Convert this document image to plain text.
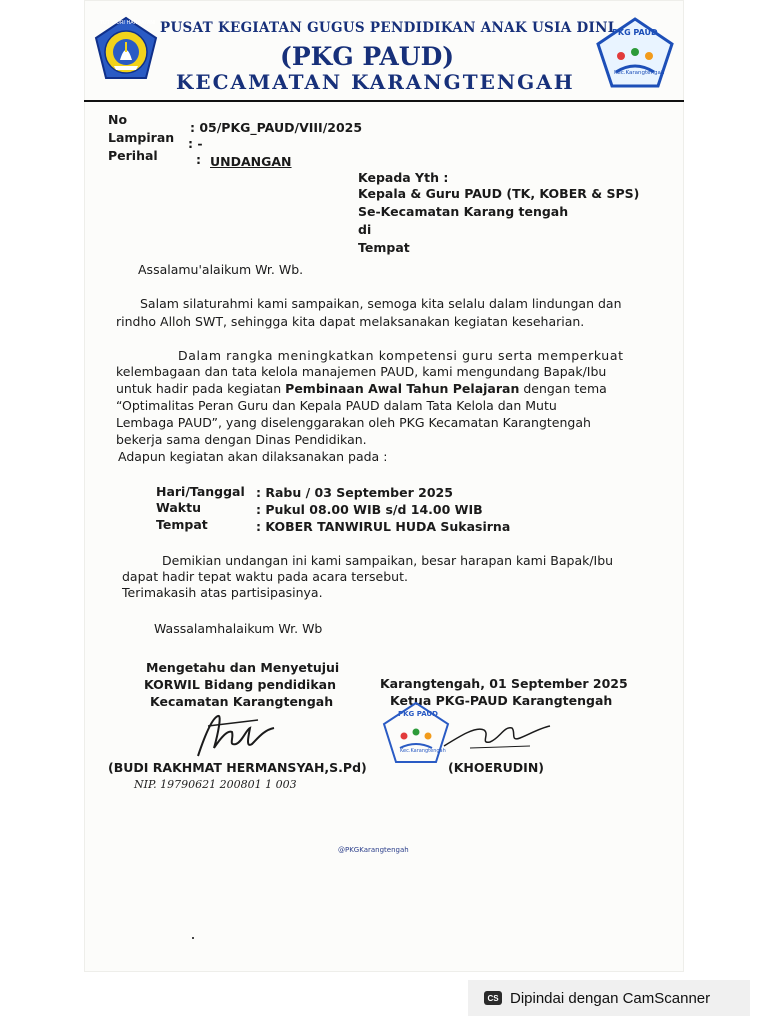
TUT WURI HANDAYANI
PKG PAUD
Kec.Karangtengah
PUSAT KEGIATAN GUGUS PENDIDIKAN ANAK USIA DINI
(PKG PAUD)
KECAMATAN KARANGTENGAH
No
: 05/PKG_PAUD/VIII/2025
Lampiran : -
Perihal	: UNDANGAN
Kepada Yth :
Kepala & Guru PAUD (TK, KOBER & SPS)
Se-Kecamatan Karang tengah
di
Tempat
Assalamu'alaikum Wr. Wb.
Salam silaturahmi kami sampaikan, semoga kita selalu dalam lindungan dan
rindho Alloh SWT, sehingga kita dapat melaksanakan kegiatan keseharian.
Dalam rangka meningkatkan kompetensi guru serta memperkuat
kelembagaan dan tata kelola manajemen PAUD, kami mengundang Bapak/Ibu
untuk hadir pada kegiatan Pembinaan Awal Tahun Pelajaran dengan tema
“Optimalitas Peran Guru dan Kepala PAUD dalam Tata Kelola dan Mutu
Lembaga PAUD”, yang diselenggarakan oleh PKG Kecamatan Karangtengah
bekerja sama dengan Dinas Pendidikan.
Adapun kegiatan akan dilaksanakan pada :
Hari/Tanggal : Rabu / 03 September 2025
Waktu	: Pukul 08.00 WIB s/d 14.00 WIB
Tempat	: KOBER TANWIRUL HUDA Sukasirna
Demikian undangan ini kami sampaikan, besar harapan kami Bapak/Ibu
dapat hadir tepat waktu pada acara tersebut.
Terimakasih atas partisipasinya.
Wassalamhalaikum Wr. Wb
Mengetahu dan Menyetujui
KORWIL Bidang pendidikan
Kecamatan Karangtengah
(BUDI RAKHMAT HERMANSYAH,S.Pd)
NIP. 19790621 200801 1 003
Karangtengah, 01 September 2025
Ketua PKG-PAUD Karangtengah
PKG PAUD
Kec.Karangtengah
(KHOERUDIN)
@PKGKarangtengah
CS Dipindai dengan CamScanner
